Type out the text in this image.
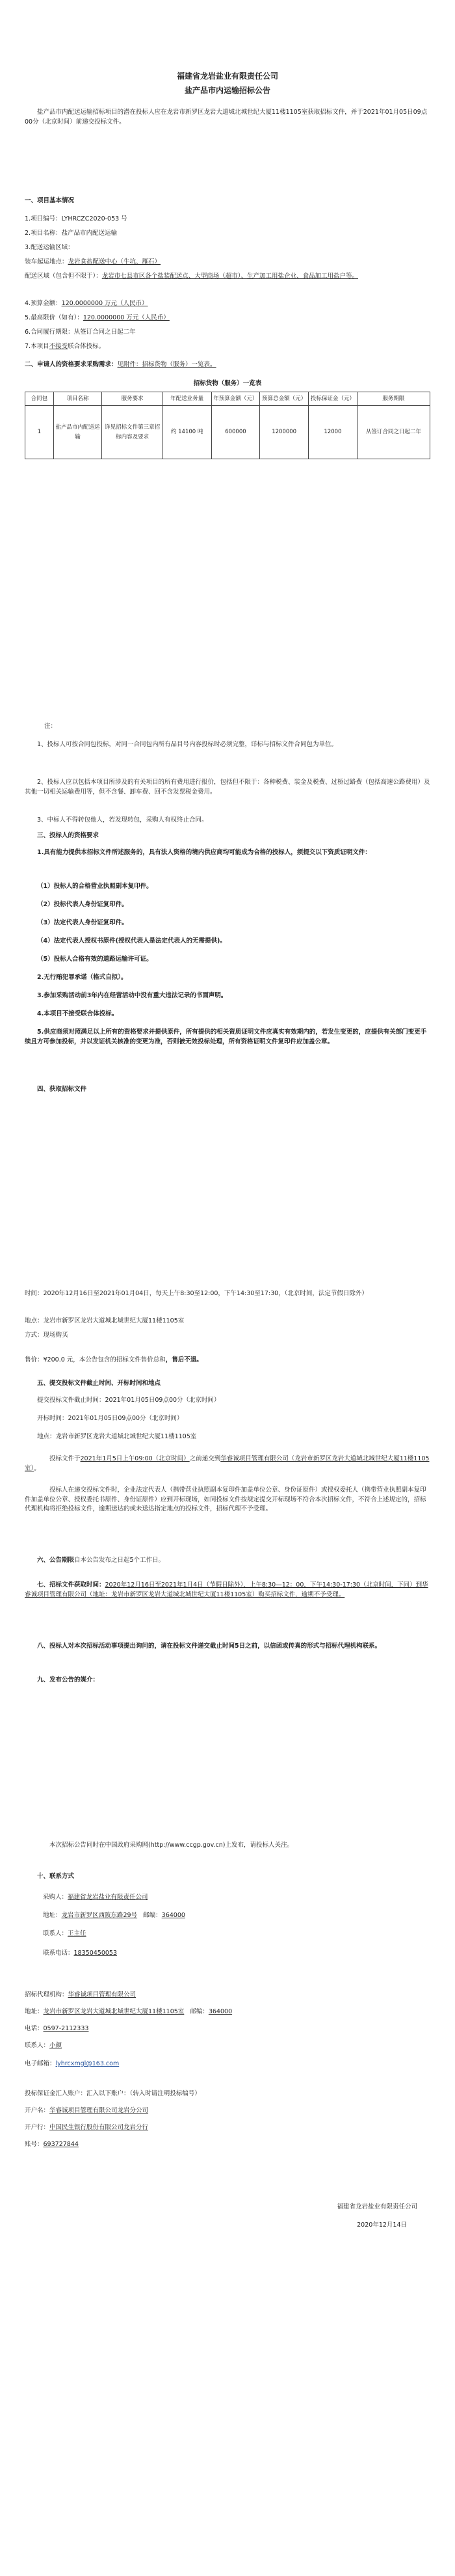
福建省龙岩盐业有限责任公司

盐产品市内运输招标公告

盐产品市内配送运输招标项目的潜在投标人应在龙岩市新罗区龙岩大道城北城世纪大厦11楼1105室获取招标文件，并于2021年01月05日09点00分（北京时间）前递交投标文件。

一、项目基本情况

1.项目编号：LYHRCZC2020-053 号

2.项目名称：盐产品市内配送运输

3.配送运输区域：

装车起运地点：龙岩食盐配送中心（牛坑、雁石）

配送区域（包含但不限于）：龙岩市七县市区各个盐装配送点、大型商场（超市）、生产加工用盐企业、食品加工用盐户等。

4.预算金额：120.0000000 万元（人民币）

5.最高限价（如有）：120.0000000 万元（人民币）

6.合同履行期限：从签订合同之日起二年

7.本项目不接受联合体投标。

二、申请人的资格要求采购需求：见附件：招标货物（服务）一览表。

招标货物（服务）一览表

合同包	项目名称	服务要求	年配送业务量	年预算金额（元）	预算总金额（元）	投标保证金（元）	服务期限
1	盐产品市内配送运输	详见招标文件第三章招标内容及要求	约 14100 吨	600000	1200000	12000	从签订合同之日起二年

注：

1、投标人可按合同包投标，对同一合同包内所有品目号内容投标时必须完整，详标与招标文件合同包为单位。

2、投标人应以包括本项目所涉及的有关项目的所有费用进行报价，包括但不限于：各种税费、装金及税费、过桥过路费（包括高速公路费用）及其他一切相关运输费用等，但不含餐、卸车费、回不含发票税金费用。

3、中标人不得转包他人，若发现转包，采购人有权终止合同。

三、投标人的资格要求

1.具有能力提供本招标文件所述服务的，具有法人资格的境内供应商均可能成为合格的投标人，须提交以下资质证明文件：

（1）投标人的合格营业执照副本复印件。

（2）投标代表人身份证复印件。

（3）法定代表人身份证复印件。

（4）法定代表人授权书原件(授权代表人是法定代表人的无需提供)。

（5）投标人合格有效的道路运输许可证。

2.无行贿犯罪承诺（格式自拟）。

3.参加采购活动前3年内在经营活动中没有重大违法记录的书面声明。

4.本项目不接受联合体投标。

5.供应商须对照满足以上所有的资格要求并提供原件，所有提供的相关资质证明文件应真实有效期内的，若发生变更的，应提供有关部门变更手续且方可参加投标，并以发证机关核准的变更为准，否则被无效投标处理，所有资格证明文件复印件应加盖公章。

四、获取招标文件

时间：2020年12月16日至2021年01月04日，每天上午8:30至12:00，下午14:30至17:30，（北京时间，法定节假日除外）

地点：龙岩市新罗区龙岩大道城北城世纪大厦11楼1105室

方式：现场购买

售价：¥200.0 元，本公告包含的招标文件售价总和，售后不退。

五、提交投标文件截止时间、开标时间和地点

提交投标文件截止时间：2021年01月05日09点00分（北京时间）

开标时间：2021年01月05日09点00分（北京时间）

地点：龙岩市新罗区龙岩大道城北城世纪大厦11楼1105室

投标文件于2021年1月5日上午09:00（北京时间）之前递交到华睿诚项目管理有限公司（龙岩市新罗区龙岩大道城北城世纪大厦11楼1105室）。

投标人在递交投标文件时，企业法定代表人（携带营业执照副本复印件加盖单位公章、身份证原件）或授权委托人（携带营业执照副本复印件加盖单位公章、授权委托书原件、身份证原件）应到开标现场，如同投标文件按规定提交开标现场不符合本次招标文件，不符合上述规定的，招标代理机构将拒绝投标文件，逾期送达的或未送达指定地点的投标文件，招标代理不予受理。

六、公告期限自本公告发布之日起5个工作日。

七、招标文件获取时间：2020年12月16日至2021年1月4日（节假日除外），上午8:30—12：00，下午14:30-17:30（北京时间，下同）到华睿诚项目管理有限公司（地址：龙岩市新罗区龙岩大道城北城世纪大厦11楼1105室）购买招标文件，逾期不予受理。

八、投标人对本次招标活动事项提出询问的，请在投标文件递交截止时间5日之前，以信函或传真的形式与招标代理机构联系。

九、发布公告的媒介：

本次招标公告同时在中国政府采购网(http://www.ccgp.gov.cn)上发布，请投标人关注。

十、联系方式

采购人：福建省龙岩盐业有限责任公司

地址：龙岩市新罗区西陂东路29号 邮编：364000

联系人：王主任

联系电话：18350450053

招标代理机构：华睿诚项目管理有限公司

地址：龙岩市新罗区龙岩大道城北城世纪大厦11楼1105室 邮编：364000

电话：0597-2112333

联系人：小颜

电子邮箱：lyhrcxmgl@163.com

投标保证金汇入账户：汇入以下账户：（转入时请注明投标编号）

开户名：华睿诚项目管理有限公司龙岩分公司

开户行：中国民生银行股份有限公司龙岩分行

账号：693727844

福建省龙岩盐业有限责任公司

2020年12月14日
